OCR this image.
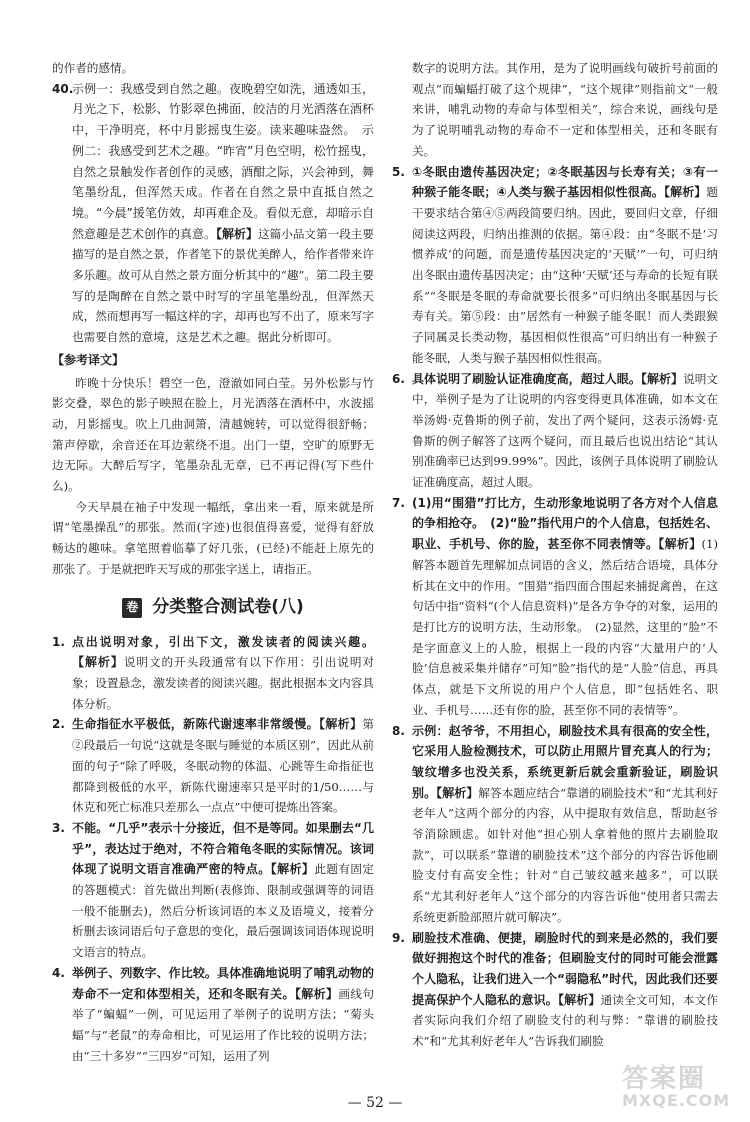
的作者的感情。
40.
示例一：我感受到自然之趣。夜晚碧空如洗，通透如玉，月光之下，松影、竹影翠色拂面，皎洁的月光洒落在酒杯中，干净明亮，杯中月影摇曳生姿。读来趣味盎然。　示例二：我感受到艺术之趣。“昨宵”月色空明，松竹摇曳，自然之景触发作者创作的灵感，酒酣之际，兴会神到，舞笔墨纷乱，但浑然天成。作者在自然之景中直抵自然之境。“今晨”援笔仿效，却再难企及。看似无意，却暗示自然意趣是艺术创作的真意。【解析】这篇小品文第一段主要描写的是自然之景，作者笔下的景优美醉人，给作者带来许多乐趣。故可从自然之景方面分析其中的“趣”。第二段主要写的是陶醉在自然之景中时写的字虽笔墨纷乱，但浑然天成，然而想再写一幅这样的字，却再也写不出了，原来写字也需要自然的意境，这是艺术之趣。据此分析即可。
【参考译文】
昨晚十分快乐！碧空一色，澄澈如同白莹。另外松影与竹影交叠，翠色的影子映照在脸上，月光洒落在酒杯中，水波摇动，月影摇曳。吹上几曲洞箫，清越婉转，可以觉得很舒畅；箫声停歇，余音还在耳边萦绕不退。出门一望，空旷的原野无边无际。大醉后写字，笔墨杂乱无章，已不再记得(写下些什么)。
今天早晨在袖子中发现一幅纸，拿出来一看，原来就是所谓“笔墨操乱”的那张。然而(字迹)也很值得喜爱，觉得有舒放畅达的趣味。拿笔照着临摹了好几张，(已经)不能赶上原先的那张了。于是就把昨天写成的那张字送上，请指正。
卷 分类整合测试卷(八)
1. 点出说明对象，引出下文，激发读者的阅读兴趣。【解析】说明文的开头段通常有以下作用：引出说明对象；设置悬念，激发读者的阅读兴趣。据此根据本文内容具体分析。
2. 生命指征水平极低，新陈代谢速率非常缓慢。【解析】第②段最后一句说“这就是冬眠与睡觉的本质区别”，因此从前面的句子“除了呼吸，冬眠动物的体温、心跳等生命指征也都降到极低的水平，新陈代谢速率只是平时的1/50……与休克和死亡标准只差那么一点点”中便可提炼出答案。
3. 不能。“几乎”表示十分接近，但不是等同。如果删去“几乎”，表达过于绝对，不符合箱龟冬眠的实际情况。该词体现了说明文语言准确严密的特点。【解析】此题有固定的答题模式：首先做出判断(表修饰、限制或强调等的词语一般不能删去)，然后分析该词语的本义及语境义，接着分析删去该词语后句子意思的变化，最后强调该词语体现说明文语言的特点。
4. 举例子、列数字、作比较。具体准确地说明了哺乳动物的寿命不一定和体型相关，还和冬眠有关。【解析】画线句举了“蝙蝠”一例，可见运用了举例子的说明方法；“菊头蝠”与“老鼠”的寿命相比，可见运用了作比较的说明方法；由“三十多岁”“三四岁”可知，运用了列
数字的说明方法。其作用，是为了说明画线句破折号前面的观点“而蝙蝠打破了这个规律”，“这个规律”则指前文“一般来讲，哺乳动物的寿命与体型相关”，综合来说，画线句是为了说明哺乳动物的寿命不一定和体型相关，还和冬眠有关。
5. ①冬眠由遗传基因决定；②冬眠基因与长寿有关；③有一种猴子能冬眠；④人类与猴子基因相似性很高。【解析】题干要求结合第④⑤两段简要归纳。因此，要回归文章，仔细阅读这两段，归纳出推测的依据。第④段：由“冬眠不是‘习惯养成’的问题，而是遗传基因决定的‘天赋’”一句，可归纳出冬眠由遗传基因决定；由“这种‘天赋’还与寿命的长短有联系”“冬眠是冬眠的寿命就要长很多”可归纳出冬眠基因与长寿有关。第⑤段：由“居然有一种猴子能冬眠！而人类跟猴子同属灵长类动物，基因相似性很高”可归纳出有一种猴子能冬眠，人类与猴子基因相似性很高。
6. 具体说明了刷脸认证准确度高，超过人眼。【解析】说明文中，举例子是为了让说明的内容变得更具体准确，如本文在举汤姆·克鲁斯的例子前，发出了两个疑问，这表示汤姆·克鲁斯的例子解答了这两个疑问，而且最后也说出结论“其认别准确率已达到99.99%”。因此，该例子具体说明了刷脸认证准确度高，超过人眼。
7. (1)用“围猎”打比方，生动形象地说明了各方对个人信息的争相抢夺。　(2)“脸”指代用户的个人信息，包括姓名、职业、手机号、你的脸，甚至你不同表情等。【解析】(1)解答本题首先理解加点词语的含义，然后结合语境，具体分析其在文中的作用。“围猎”指四面合围起来捕捉禽兽，在这句话中指“资料”(个人信息资料)”是各方争夺的对象，运用的是打比方的说明方法，生动形象。　(2)显然，这里的“脸”不是字面意义上的人脸，根据上一段的内容“大量用户的‘人脸’信息被采集并储存”可知“脸”指代的是“人脸”信息，再具体点，就是下文所说的用户个人信息，即“包括姓名、职业、手机号……还有你的脸，甚至你不同的表情等”。
8. 示例：赵爷爷，不用担心，刷脸技术具有很高的安全性，它采用人脸检测技术，可以防止用照片冒充真人的行为；皱纹增多也没关系，系统更新后就会重新验证，刷脸识别。【解析】解答本题应结合“靠谱的刷脸技术”和“尤其利好老年人”这两个部分的内容，从中提取有效信息，帮助赵爷爷消除顾虑。如针对他“担心别人拿着他的照片去刷脸取款”，可以联系“靠谱的刷脸技术”这个部分的内容告诉他刷脸支付有高安全性；针对“自己皱纹越来越多”，可以联系“尤其利好老年人”这个部分的内容告诉他“使用者只需去系统更新脸部照片就可解决”。
9. 刷脸技术准确、便捷，刷脸时代的到来是必然的，我们要做好拥抱这个时代的准备；但刷脸支付的同时可能会泄露个人隐私，让我们进入一个“弱隐私”时代，因此我们还要提高保护个人隐私的意识。【解析】通读全文可知，本文作者实际向我们介绍了刷脸支付的利与弊：“靠谱的刷脸技术”和“尤其利好老年人”告诉我们刷脸
— 52 —
答案圈
MXQE.COM
